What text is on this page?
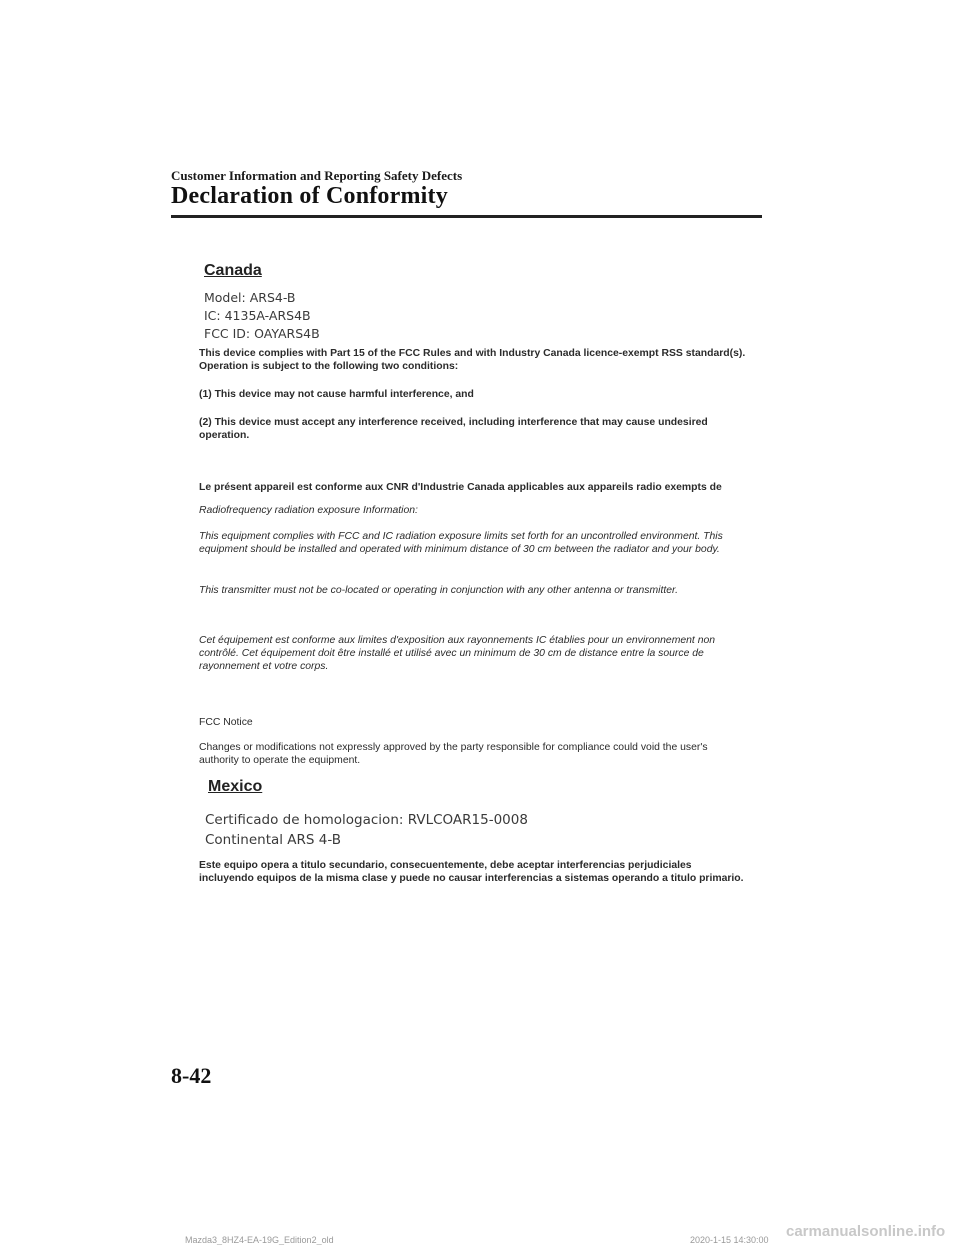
Customer Information and Reporting Safety Defects
Declaration of Conformity
Canada
Model: ARS4-B
IC: 4135A-ARS4B
FCC ID: OAYARS4B
This device complies with Part 15 of the FCC Rules and with Industry Canada licence-exempt RSS standard(s). Operation is subject to the following two conditions:
(1) This device may not cause harmful interference, and
(2) This device must accept any interference received, including interference that may cause undesired operation.
Le présent appareil est conforme aux CNR d'Industrie Canada applicables aux appareils radio exempts de
Radiofrequency radiation exposure Information:
This equipment complies with FCC and IC radiation exposure limits set forth for an uncontrolled environment. This equipment should be installed and operated with minimum distance of 30 cm between the radiator and your body.
This transmitter must not be co-located or operating in conjunction with any other antenna or transmitter.
Cet équipement est conforme aux limites d'exposition aux rayonnements IC établies pour un environnement non contrôlé. Cet équipement doit être installé et utilisé avec un minimum de 30 cm de distance entre la source de rayonnement et votre corps.
FCC Notice
Changes or modifications not expressly approved by the party responsible for compliance could void the user's authority to operate the equipment.
Mexico
Certificado de homologacion: RVLCOAR15-0008
Continental ARS 4-B
Este equipo opera a titulo secundario, consecuentemente, debe aceptar interferencias perjudiciales incluyendo equipos de la misma clase y puede no causar interferencias a sistemas operando a titulo primario.
8-42
Mazda3_8HZ4-EA-19G_Edition2_old	2020-1-15 14:30:00 carmanualsonline.info
